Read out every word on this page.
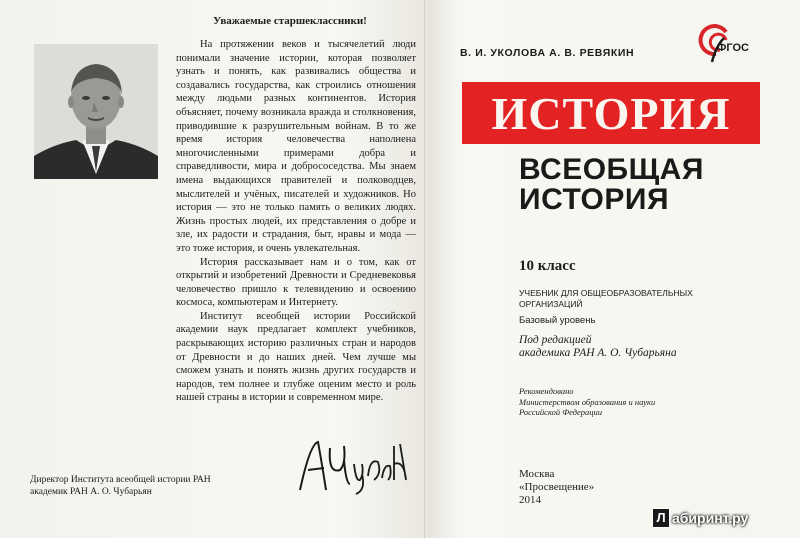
Уважаемые старшеклассники!

На протяжении веков и тысячелетий люди понимали значение истории, которая позволяет узнать и понять, как развивались общества и создавались государства, как строились отношения между людьми разных континентов. История объясняет, почему возникала вражда и столкновения, приводившие к разрушительным войнам. В то же время история человечества наполнена многочисленными примерами добра и справедливости, мира и добрососедства. Мы знаем имена выдающихся правителей и полководцев, мыслителей и учёных, писателей и художников. Но история — это не только память о великих людях. Жизнь простых людей, их представления о добре и зле, их радости и страдания, быт, нравы и мода — это тоже история, и очень увлекательная.

История рассказывает нам и о том, как от открытий и изобретений Древности и Средневековья человечество пришло к телевидению и освоению космоса, компьютерам и Интернету.

Институт всеобщей истории Российской академии наук предлагает комплект учебников, раскрывающих историю различных стран и народов от Древности и до наших дней. Чем лучше мы сможем узнать и понять жизнь других государств и народов, тем полнее и глубже оценим место и роль нашей страны в истории и современном мире.

Директор Института всеобщей истории РАН
академик РАН А. О. Чубарьян
В. И. УКОЛОВА А. В. РЕВЯКИН	ФГОС
ИСТОРИЯ
ВСЕОБЩАЯ
ИСТОРИЯ
10 класс
УЧЕБНИК ДЛЯ ОБЩЕОБРАЗОВАТЕЛЬНЫХ
ОРГАНИЗАЦИЙ
Базовый уровень
Под редакцией
академика РАН А. О. Чубарьяна
Рекомендовано
Министерством образования и науки
Российской Федерации
Москва
«Просвещение»
2014
Л абиринт.ру
